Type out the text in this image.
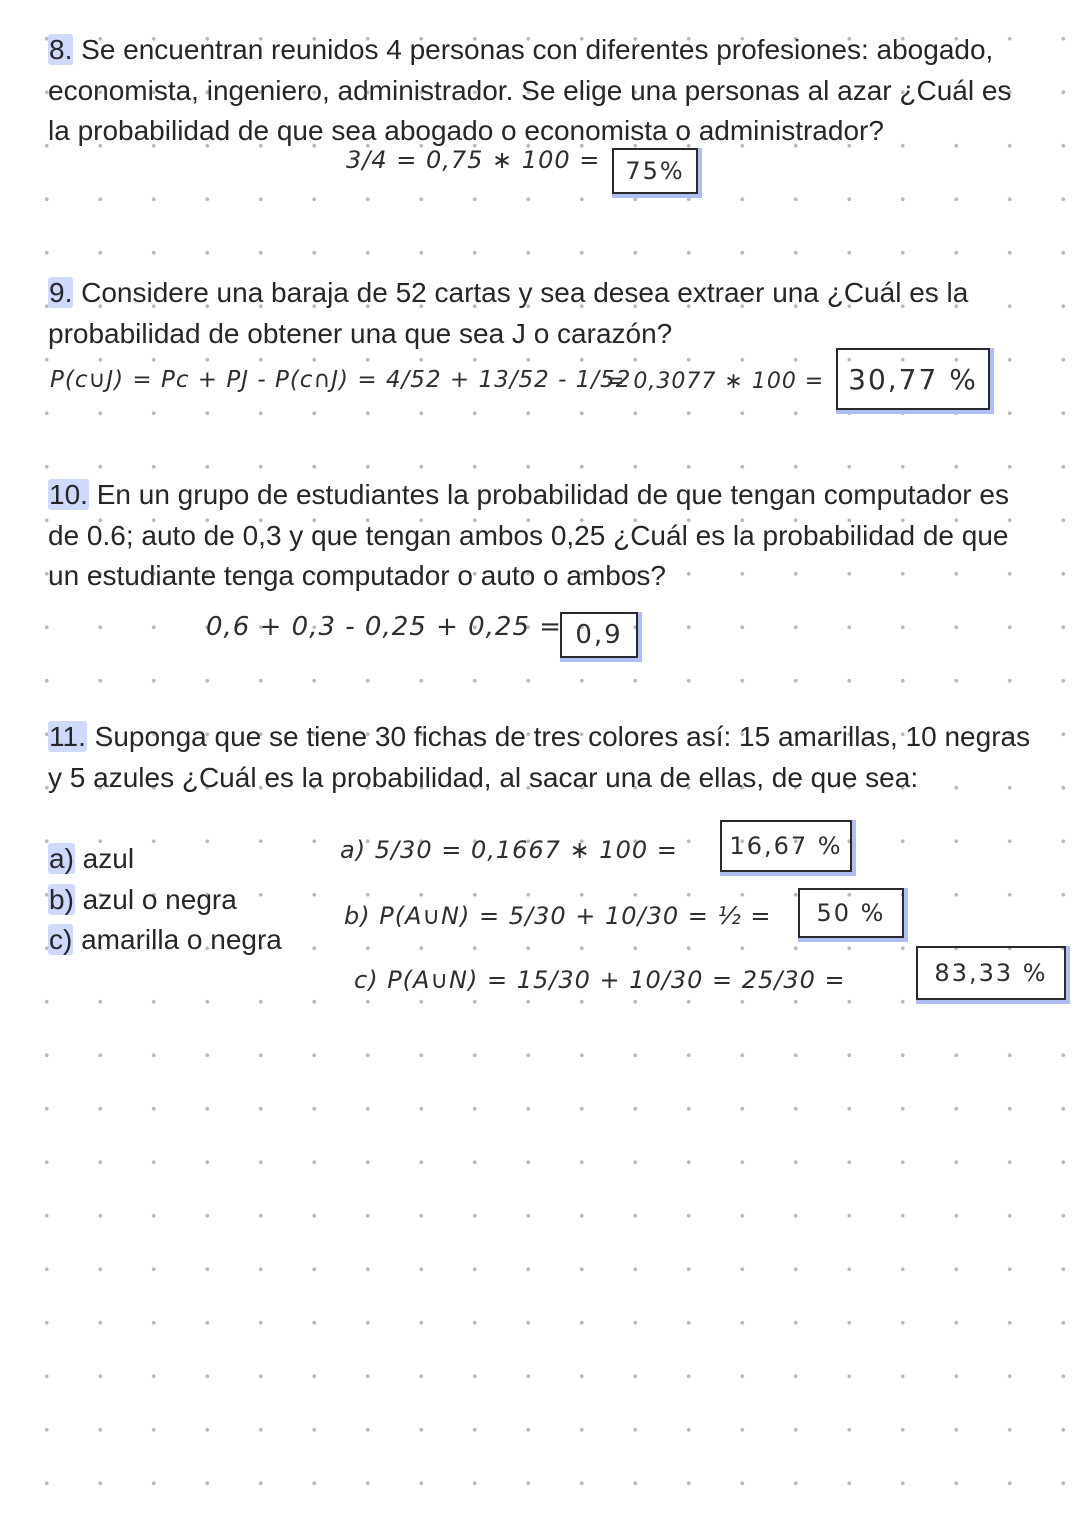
8. Se encuentran reunidos 4 personas con diferentes profesiones: abogado, economista, ingeniero, administrador. Se elige una personas al azar ¿Cuál es la probabilidad de que sea abogado o economista o administrador?

3/4 = 0,75 ∗ 100 =	75%

9. Considere una baraja de 52 cartas y sea desea extraer una ¿Cuál es la probabilidad de obtener una que sea J o carazón?

P(c∪J) = Pc + PJ - P(c∩J) = 4/52 + 13/52 - 1/52
= 0,3077 ∗ 100 = 30,77 %

10. En un grupo de estudiantes la probabilidad de que tengan computador es de 0.6; auto de 0,3 y que tengan ambos 0,25 ¿Cuál es la probabilidad de que un estudiante tenga computador o auto o ambos?

0,6 + 0,3 - 0,25 + 0,25 = 0,9

11. Suponga que se tiene 30 fichas de tres colores así: 15 amarillas, 10 negras y 5 azules ¿Cuál es la probabilidad, al sacar una de ellas, de que sea:

a) azul
b) azul o negra
c) amarilla o negra
a) 5/30 = 0,1667 ∗ 100 =	16,67 %
b) P(A∪N) = 5/30 + 10/30 = ½ =	50 %
c) P(A∪N) = 15/30 + 10/30 = 25/30 =	83,33 %
